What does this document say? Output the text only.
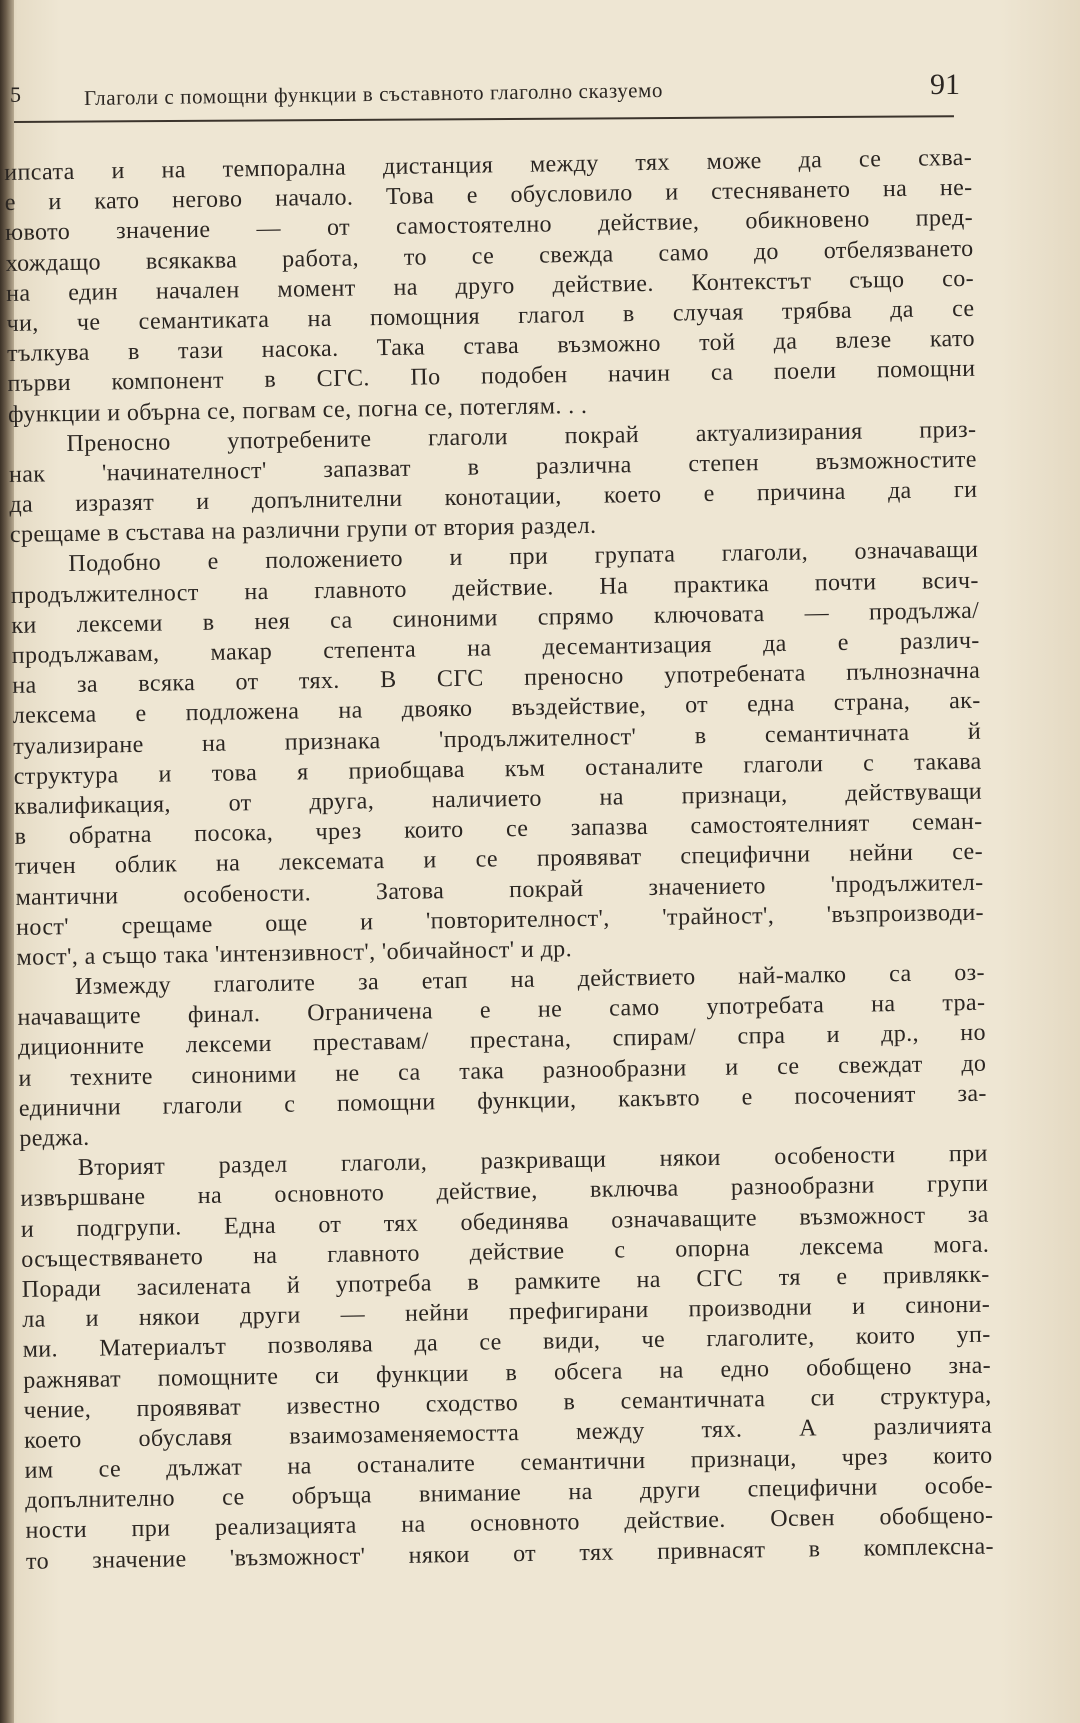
5	Глаголи с помощни функции в съставното глаголно сказуемо	91
ипсата и на темпорална дистанция между тях може да се схва-
е и като негово начало. Това е обусловило и стесняването на не-
ювото значение — от самостоятелно действие, обикновено пред-
хождащо всякаква работа, то се свежда само до отбелязването
на един начален момент на друго действие. Контекстът също со-
чи, че семантиката на помощния глагол в случая трябва да се
тълкува в тази насока. Така става възможно той да влезе като
първи компонент в СГС. По подобен начин са поели помощни
функции и обърна се, погвам се, погна се, потеглям. . .
Преносно употребените глаголи покрай актуализирания приз-
нак 'начинателност' запазват в различна степен възможностите
да изразят и допълнителни конотации, което е причина да ги
срещаме в състава на различни групи от втория раздел.
Подобно е положението и при групата глаголи, означаващи
продължителност на главното действие. На практика почти всич-
ки лексеми в нея са синоними спрямо ключовата — продължа/
продължавам, макар степента на десемантизация да е различ-
на за всяка от тях. В СГС преносно употребената пълнозначна
лексема е подложена на двояко въздействие, от една страна, ак-
туализиране на признака 'продължителност' в семантичната й
структура и това я приобщава към останалите глаголи с такава
квалификация, от друга, наличието на признаци, действуващи
в обратна посока, чрез които се запазва самостоятелният семан-
тичен облик на лексемата и се проявяват специфични нейни се-
мантични особености. Затова покрай значението 'продължител-
ност' срещаме още и 'повторителност', 'трайност', 'възпроизводи-
мост', а също така 'интензивност', 'обичайност' и др.
Измежду глаголите за етап на действието най-малко са оз-
начаващите финал. Ограничена е не само употребата на тра-
диционните лексеми преставам/ престана, спирам/ спра и др., но
и техните синоними не са така разнообразни и се свеждат до
единични глаголи с помощни функции, какъвто е посоченият за-
реджа.
Вторият раздел глаголи, разкриващи някои особености при
извършване на основното действие, включва разнообразни групи
и подгрупи. Една от тях обединява означаващите възможност за
осъществяването на главното действие с опорна лексема мога.
Поради засилената й употреба в рамките на СГС тя е привлякк-
ла и някои други — нейни префигирани производни и синони-
ми. Материалът позволява да се види, че глаголите, които уп-
ражняват помощните си функции в обсега на едно обобщено зна-
чение, проявяват известно сходство в семантичната си структура,
което обуславя взаимозаменяемостта между тях. А различията
им се дължат на останалите семантични признаци, чрез които
допълнително се обръща внимание на други специфични особе-
ности при реализацията на основното действие. Освен обобщено-
то значение 'възможност' някои от тях привнасят в комплексна-
